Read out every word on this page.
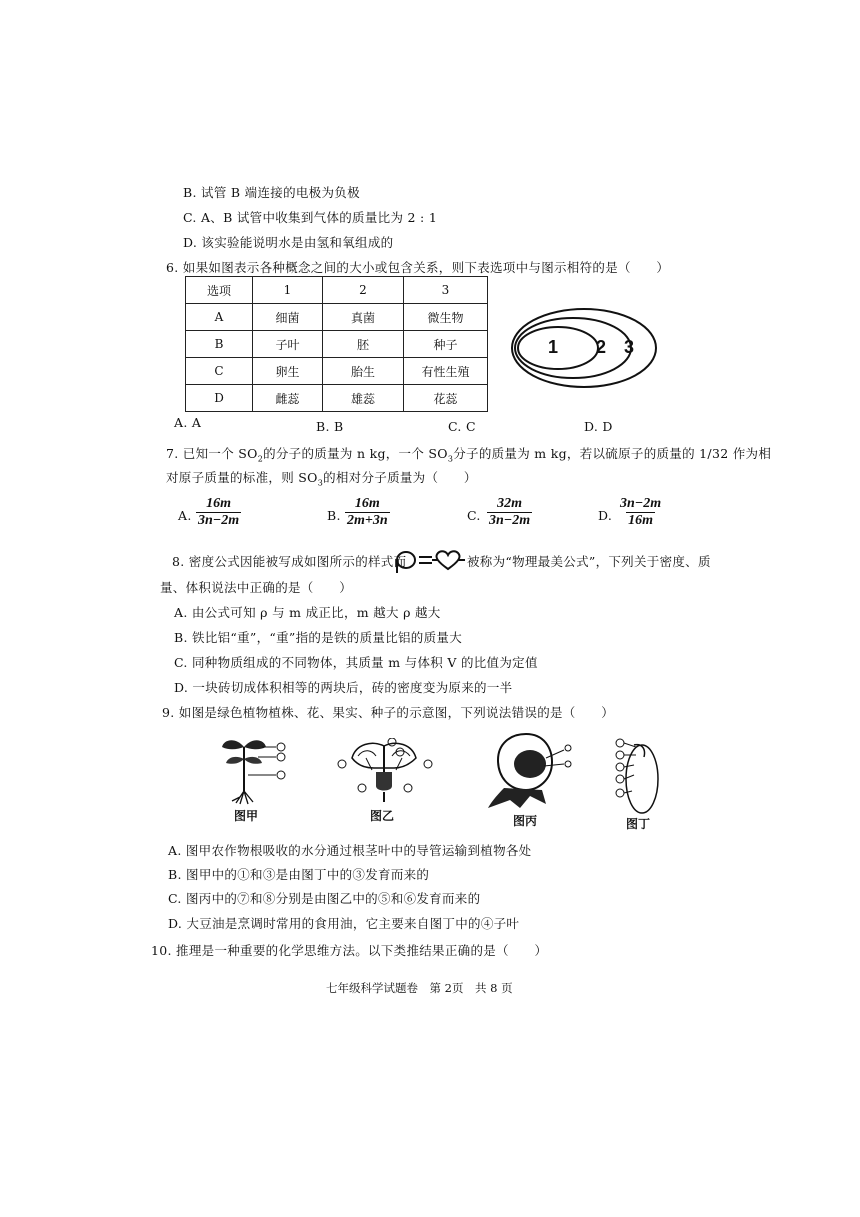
B. 试管 B 端连接的电极为负极
C. A、B 试管中收集到气体的质量比为 2 : 1
D. 该实验能说明水是由氢和氧组成的
6. 如果如图表示各种概念之间的大小或包含关系，则下表选项中与图示相符的是（　　）
选项	1	2	3
A	细菌	真菌	微生物
B	子叶	胚	种子
C	卵生	胎生	有性生殖
D	雌蕊	雄蕊	花蕊
1 2 3
A. A	B. B	C. C	D. D
7. 已知一个 $SO_2$的分子的质量为 n kg，一个 $SO_3$分子的质量为 m kg，若以硫原子的质量的 1/32 作为相
对原子质量的标准，则 $SO_3$的相对分子质量为（　　）
A. $\frac{16m}{3n-2m}$	B. $\frac{16m}{2m+3n}$	C. $\frac{32m}{3n-2m}$	D. $\frac{3n-2m}{16m}$
8. 密度公式因能被写成如图所示的样式而	被称为“物理最美公式”，下列关于密度、质
量、体积说法中正确的是（　　）
A. 由公式可知 ρ 与 m 成正比，m 越大 ρ 越大
B. 铁比铝“重”，“重”指的是铁的质量比铝的质量大
C. 同种物质组成的不同物体，其质量 m 与体积 V 的比值为定值
D. 一块砖切成体积相等的两块后，砖的密度变为原来的一半
9. 如图是绿色植物植株、花、果实、种子的示意图，下列说法错误的是（　　）
图甲	图乙	图丙	图丁
A. 图甲农作物根吸收的水分通过根茎叶中的导管运输到植物各处
B. 图甲中的①和③是由图丁中的③发育而来的
C. 图丙中的⑦和⑧分别是由图乙中的⑤和⑥发育而来的
D. 大豆油是烹调时常用的食用油，它主要来自图丁中的④子叶
10. 推理是一种重要的化学思维方法。以下类推结果正确的是（　　）
七年级科学试题卷　第 2页　共 8 页
